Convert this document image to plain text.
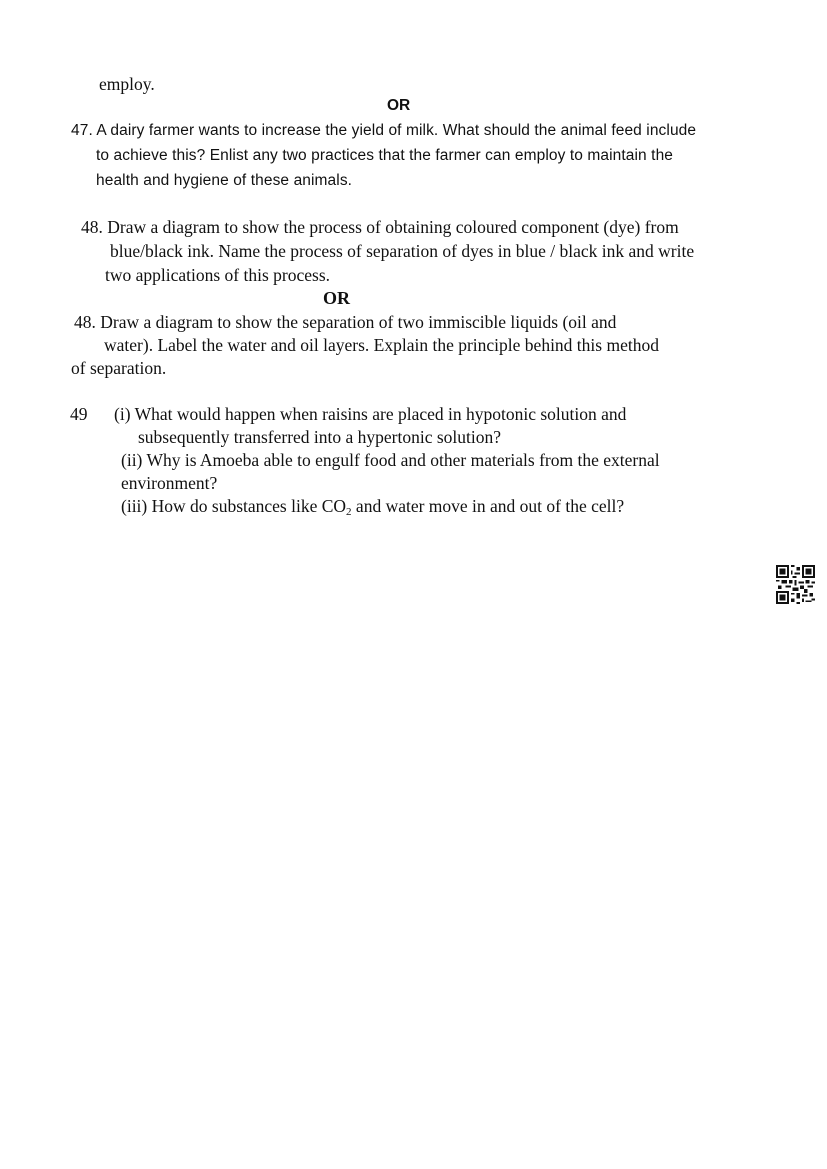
employ.
OR
47. A dairy farmer wants to increase the yield of milk. What should the animal feed include
to achieve this? Enlist any two practices that the farmer can employ to maintain the
health and hygiene of these animals.
48. Draw a diagram to show the process of obtaining coloured component (dye) from
blue/black ink. Name the process of separation of dyes in blue / black ink and write
two applications of this process.
OR
48. Draw a diagram to show the separation of two immiscible liquids (oil and
water). Label the water and oil layers. Explain the principle behind this method
of separation.
49 (i) What would happen when raisins are placed in hypotonic solution and
subsequently transferred into a hypertonic solution?
(ii) Why is Amoeba able to engulf food and other materials from the external
environment?
(iii) How do substances like $CO_2$ and water move in and out of the cell?
